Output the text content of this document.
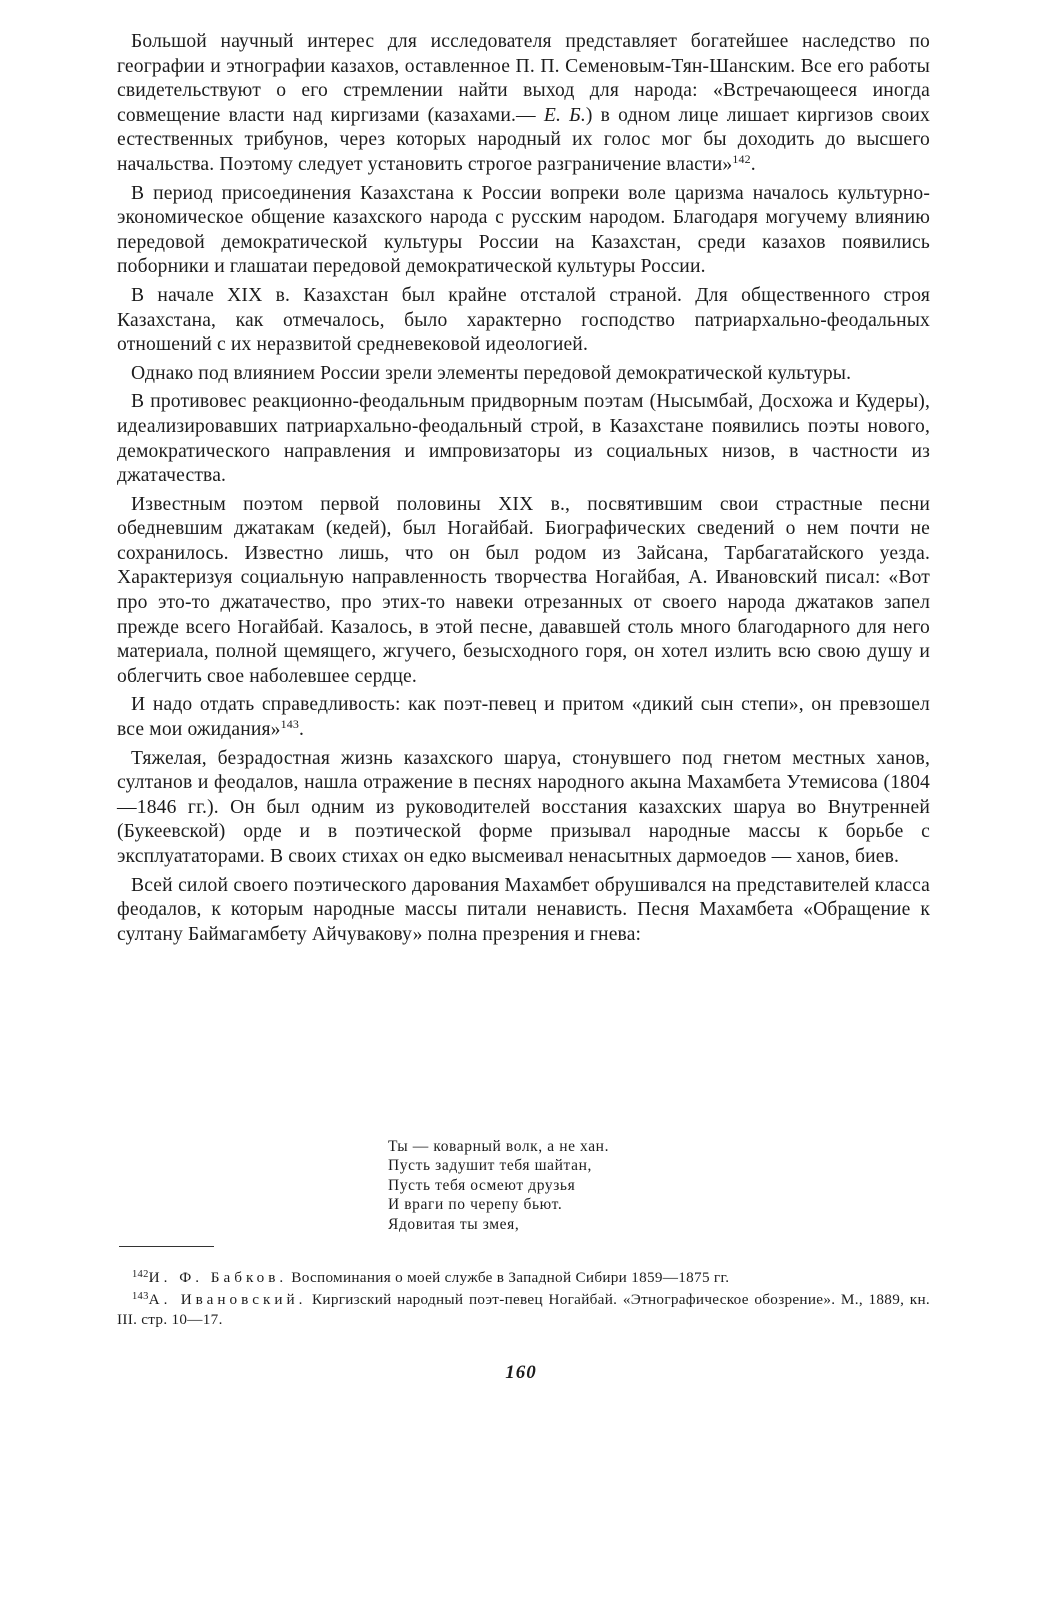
Большой научный интерес для исследователя представляет богатейшее наследство по географии и этнографии казахов, оставленное П. П. Семеновым-Тян-Шанским. Все его работы свидетельствуют о его стремлении найти выход для народа: «Встречающееся иногда совмещение власти над киргизами (казахами.— Е. Б.) в одном лице лишает киргизов своих естественных трибунов, через которых народный их голос мог бы доходить до высшего начальства. Поэтому следует установить строгое разграничение власти»$^{142}$.

В период присоединения Казахстана к России вопреки воле царизма началось культурно-экономическое общение казахского народа с русским народом. Благодаря могучему влиянию передовой демократической культуры России на Казахстан, среди казахов появились поборники и глашатаи передовой демократической культуры России.

В начале XIX в. Казахстан был крайне отсталой страной. Для общественного строя Казахстана, как отмечалось, было характерно господство патриархально-феодальных отношений с их неразвитой средневековой идеологией.

Однако под влиянием России зрели элементы передовой демократической культуры.

В противовес реакционно-феодальным придворным поэтам (Нысымбай, Досхожа и Кудеры), идеализировавших патриархально-феодальный строй, в Казахстане появились поэты нового, демократического направления и импровизаторы из социальных низов, в частности из джатачества.

Известным поэтом первой половины XIX в., посвятившим свои страстные песни обедневшим джатакам (кедей), был Ногайбай. Биографических сведений о нем почти не сохранилось. Известно лишь, что он был родом из Зайсана, Тарбагатайского уезда. Характеризуя социальную направленность творчества Ногайбая, А. Ивановский писал: «Вот про это-то джатачество, про этих-то навеки отрезанных от своего народа джатаков запел прежде всего Ногайбай. Казалось, в этой песне, дававшей столь много благодарного для него материала, полной щемящего, жгучего, безысходного горя, он хотел излить всю свою душу и облегчить свое наболевшее сердце.

И надо отдать справедливость: как поэт-певец и притом «дикий сын степи», он превзошел все мои ожидания»$^{143}$.

Тяжелая, безрадостная жизнь казахского шаруа, стонувшего под гнетом местных ханов, султанов и феодалов, нашла отражение в песнях народного акына Махамбета Утемисова (1804—1846 гг.). Он был одним из руководителей восстания казахских шаруа во Внутренней (Букеевской) орде и в поэтической форме призывал народные массы к борьбе с эксплуататорами. В своих стихах он едко высмеивал ненасытных дармоедов — ханов, биев.

Всей силой своего поэтического дарования Махамбет обрушивался на представителей класса феодалов, к которым народные массы питали ненависть. Песня Махамбета «Обращение к султану Баймагамбету Айчувакову» полна презрения и гнева:

Ты — коварный волк, а не хан.
Пусть задушит тебя шайтан,
Пусть тебя осмеют друзья
И враги по черепу бьют.
Ядовитая ты змея,

$^{142}$И. Ф. Бабков. Воспоминания о моей службе в Западной Сибири 1859—1875 гг.

$^{143}$А. Ивановский. Киргизский народный поэт-певец Ногайбай. «Этнографическое обозрение». М., 1889, кн. III. стр. 10—17.

160
